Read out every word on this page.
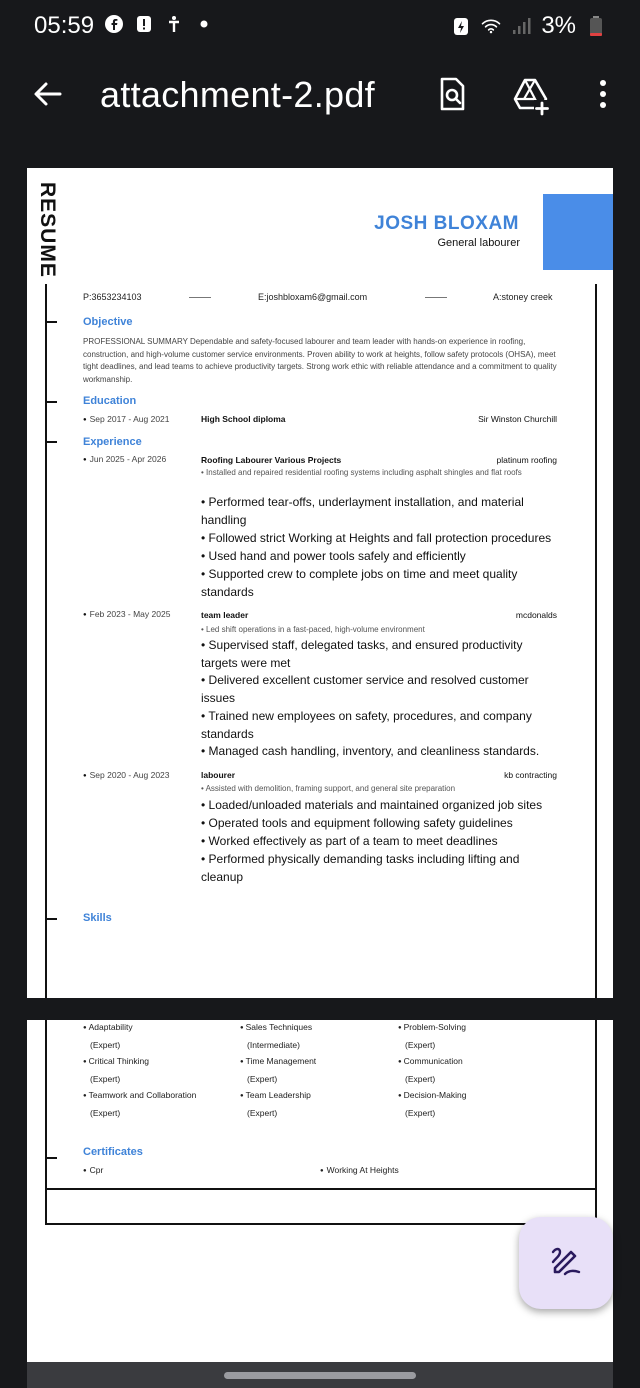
05:59	3%
attachment-2.pdf
RESUME	JOSH BLOXAM
General labourer
P:3653234103	E:joshbloxam6@gmail.com	A:stoney creek
Objective
PROFESSIONAL SUMMARY Dependable and safety-focused labourer and team leader with hands-on experience in roofing, construction, and high-volume customer service environments. Proven ability to work at heights, follow safety protocols (OHSA), meet tight deadlines, and lead teams to achieve productivity targets. Strong work ethic with reliable attendance and a commitment to quality workmanship.
Education
● Sep 2017 - Aug 2021	High School diploma	Sir Winston Churchill
Experience
● Jun 2025 - Apr 2026	Roofing Labourer Various Projects	platinum roofing
• Installed and repaired residential roofing systems including asphalt shingles and flat roofs
• Performed tear-offs, underlayment installation, and material handling
• Followed strict Working at Heights and fall protection procedures
• Used hand and power tools safely and efficiently
• Supported crew to complete jobs on time and meet quality standards
● Feb 2023 - May 2025	team leader	mcdonalds
• Led shift operations in a fast-paced, high-volume environment
• Supervised staff, delegated tasks, and ensured productivity targets were met
• Delivered excellent customer service and resolved customer issues
• Trained new employees on safety, procedures, and company standards
• Managed cash handling, inventory, and cleanliness standards.
● Sep 2020 - Aug 2023	labourer	kb contracting
• Assisted with demolition, framing support, and general site preparation
• Loaded/unloaded materials and maintained organized job sites
• Operated tools and equipment following safety guidelines
• Worked effectively as part of a team to meet deadlines
• Performed physically demanding tasks including lifting and cleanup
Skills
● Adaptability
(Expert)
● Sales Techniques
(Intermediate)
● Problem-Solving
(Expert)
● Critical Thinking
(Expert)
● Time Management
(Expert)
● Communication
(Expert)
● Teamwork and Collaboration
(Expert)
● Team Leadership
(Expert)
● Decision-Making
(Expert)
Certificates
● Cpr
●	Working At Heights
